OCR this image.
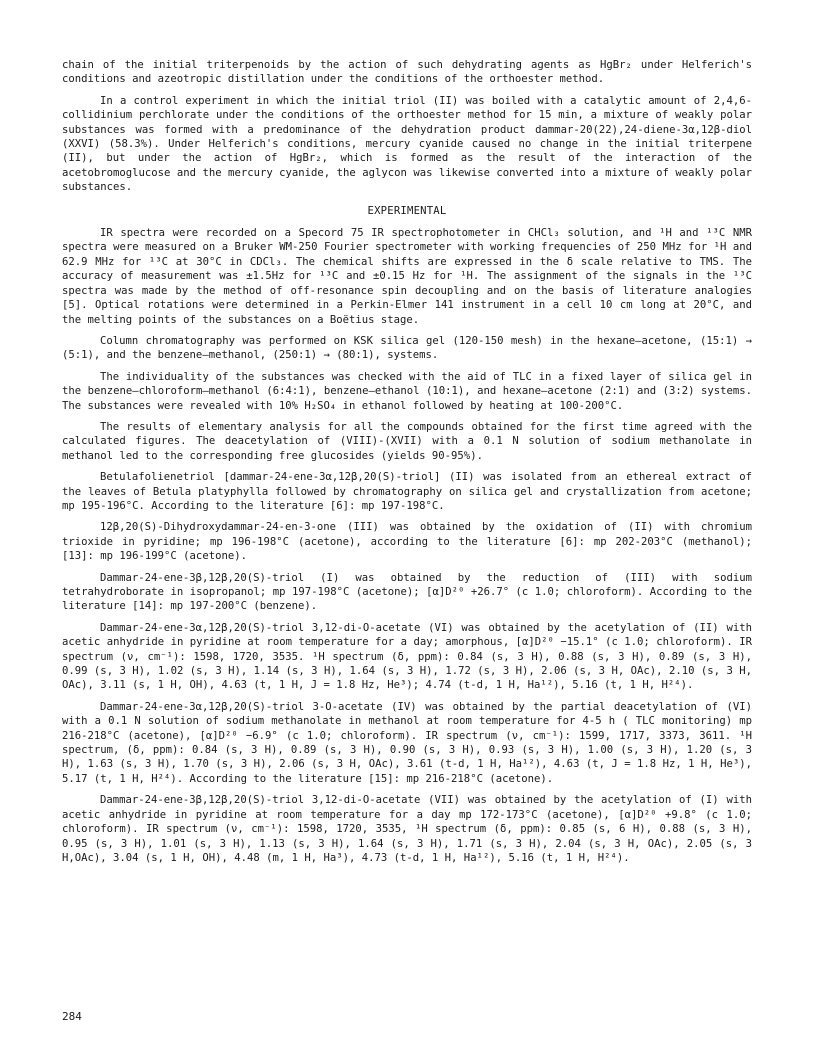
chain of the initial triterpenoids by the action of such dehydrating agents as HgBr₂ under Helferich's conditions and azeotropic distillation under the conditions of the orthoester method.

In a control experiment in which the initial triol (II) was boiled with a catalytic amount of 2,4,6-collidinium perchlorate under the conditions of the orthoester method for 15 min, a mixture of weakly polar substances was formed with a predominance of the dehydration product dammar-20(22),24-diene-3α,12β-diol (XXVI) (58.3%). Under Helferich's conditions, mercury cyanide caused no change in the initial triterpene (II), but under the action of HgBr₂, which is formed as the result of the interaction of the acetobromoglucose and the mercury cyanide, the aglycon was likewise converted into a mixture of weakly polar substances.

EXPERIMENTAL

IR spectra were recorded on a Specord 75 IR spectrophotometer in CHCl₃ solution, and ¹H and ¹³C NMR spectra were measured on a Bruker WM-250 Fourier spectrometer with working frequencies of 250 MHz for ¹H and 62.9 MHz for ¹³C at 30°C in CDCl₃. The chemical shifts are expressed in the δ scale relative to TMS. The accuracy of measurement was ±1.5Hz for ¹³C and ±0.15 Hz for ¹H. The assignment of the signals in the ¹³C spectra was made by the method of off-resonance spin decoupling and on the basis of literature analogies [5]. Optical rotations were determined in a Perkin-Elmer 141 instrument in a cell 10 cm long at 20°C, and the melting points of the substances on a Boëtius stage.

Column chromatography was performed on KSK silica gel (120-150 mesh) in the hexane—acetone, (15:1) → (5:1), and the benzene—methanol, (250:1) → (80:1), systems.

The individuality of the substances was checked with the aid of TLC in a fixed layer of silica gel in the benzene—chloroform—methanol (6:4:1), benzene—ethanol (10:1), and hexane—acetone (2:1) and (3:2) systems. The substances were revealed with 10% H₂SO₄ in ethanol followed by heating at 100-200°C.

The results of elementary analysis for all the compounds obtained for the first time agreed with the calculated figures. The deacetylation of (VIII)-(XVII) with a 0.1 N solution of sodium methanolate in methanol led to the corresponding free glucosides (yields 90-95%).

Betulafolienetriol [dammar-24-ene-3α,12β,20(S)-triol] (II) was isolated from an ethereal extract of the leaves of Betula platyphylla followed by chromatography on silica gel and crystallization from acetone; mp 195-196°C. According to the literature [6]: mp 197-198°C.

12β,20(S)-Dihydroxydammar-24-en-3-one (III) was obtained by the oxidation of (II) with chromium trioxide in pyridine; mp 196-198°C (acetone), according to the literature [6]: mp 202-203°C (methanol); [13]: mp 196-199°C (acetone).

Dammar-24-ene-3β,12β,20(S)-triol (I) was obtained by the reduction of (III) with sodium tetrahydroborate in isopropanol; mp 197-198°C (acetone); [α]D²⁰ +26.7° (c 1.0; chloroform). According to the literature [14]: mp 197-200°C (benzene).

Dammar-24-ene-3α,12β,20(S)-triol 3,12-di-O-acetate (VI) was obtained by the acetylation of (II) with acetic anhydride in pyridine at room temperature for a day; amorphous, [α]D²⁰ −15.1° (c 1.0; chloroform). IR spectrum (ν, cm⁻¹): 1598, 1720, 3535. ¹H spectrum (δ, ppm): 0.84 (s, 3 H), 0.88 (s, 3 H), 0.89 (s, 3 H), 0.99 (s, 3 H), 1.02 (s, 3 H), 1.14 (s, 3 H), 1.64 (s, 3 H), 1.72 (s, 3 H), 2.06 (s, 3 H, OAc), 2.10 (s, 3 H, OAc), 3.11 (s, 1 H, OH), 4.63 (t, 1 H, J = 1.8 Hz, He³); 4.74 (t-d, 1 H, Ha¹²), 5.16 (t, 1 H, H²⁴).

Dammar-24-ene-3α,12β,20(S)-triol 3-O-acetate (IV) was obtained by the partial deacetylation of (VI) with a 0.1 N solution of sodium methanolate in methanol at room temperature for 4-5 h ( TLC monitoring) mp 216-218°C (acetone), [α]D²⁰ −6.9° (c 1.0; chloroform). IR spectrum (ν, cm⁻¹): 1599, 1717, 3373, 3611. ¹H spectrum, (δ, ppm): 0.84 (s, 3 H), 0.89 (s, 3 H), 0.90 (s, 3 H), 0.93 (s, 3 H), 1.00 (s, 3 H), 1.20 (s, 3 H), 1.63 (s, 3 H), 1.70 (s, 3 H), 2.06 (s, 3 H, OAc), 3.61 (t-d, 1 H, Ha¹²), 4.63 (t, J = 1.8 Hz, 1 H, He³), 5.17 (t, 1 H, H²⁴). According to the literature [15]: mp 216-218°C (acetone).

Dammar-24-ene-3β,12β,20(S)-triol 3,12-di-O-acetate (VII) was obtained by the acetylation of (I) with acetic anhydride in pyridine at room temperature for a day mp 172-173°C (acetone), [α]D²⁰ +9.8° (c 1.0; chloroform). IR spectrum (ν, cm⁻¹): 1598, 1720, 3535, ¹H spectrum (δ, ppm): 0.85 (s, 6 H), 0.88 (s, 3 H), 0.95 (s, 3 H), 1.01 (s, 3 H), 1.13 (s, 3 H), 1.64 (s, 3 H), 1.71 (s, 3 H), 2.04 (s, 3 H, OAc), 2.05 (s, 3 H,OAc), 3.04 (s, 1 H, OH), 4.48 (m, 1 H, Ha³), 4.73 (t-d, 1 H, Ha¹²), 5.16 (t, 1 H, H²⁴).

284
